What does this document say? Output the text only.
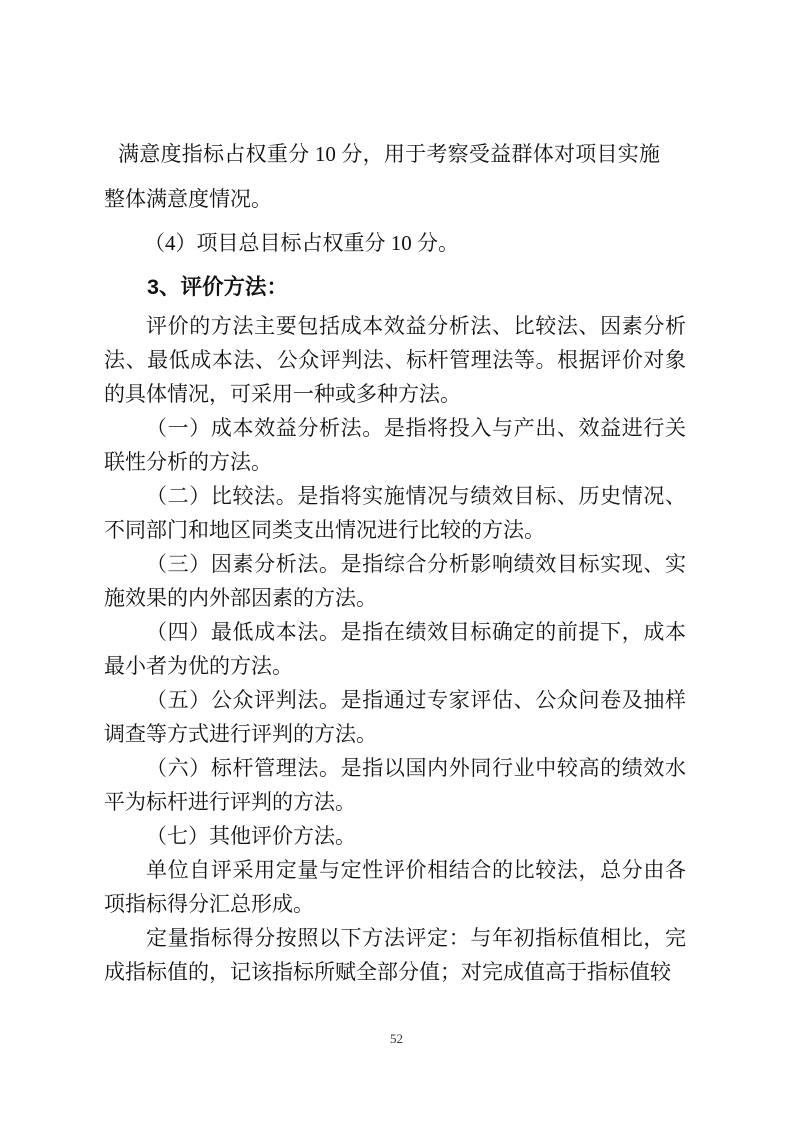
满意度指标占权重分 10 分，用于考察受益群体对项目实施整体满意度情况。

（4）项目总目标占权重分 10 分。

3、评价方法：

评价的方法主要包括成本效益分析法、比较法、因素分析法、最低成本法、公众评判法、标杆管理法等。根据评价对象的具体情况，可采用一种或多种方法。

（一）成本效益分析法。是指将投入与产出、效益进行关联性分析的方法。

（二）比较法。是指将实施情况与绩效目标、历史情况、不同部门和地区同类支出情况进行比较的方法。

（三）因素分析法。是指综合分析影响绩效目标实现、实施效果的内外部因素的方法。

（四）最低成本法。是指在绩效目标确定的前提下，成本最小者为优的方法。

（五）公众评判法。是指通过专家评估、公众问卷及抽样调查等方式进行评判的方法。

（六）标杆管理法。是指以国内外同行业中较高的绩效水平为标杆进行评判的方法。

（七）其他评价方法。

单位自评采用定量与定性评价相结合的比较法，总分由各项指标得分汇总形成。

定量指标得分按照以下方法评定：与年初指标值相比，完成指标值的，记该指标所赋全部分值；对完成值高于指标值较

52
